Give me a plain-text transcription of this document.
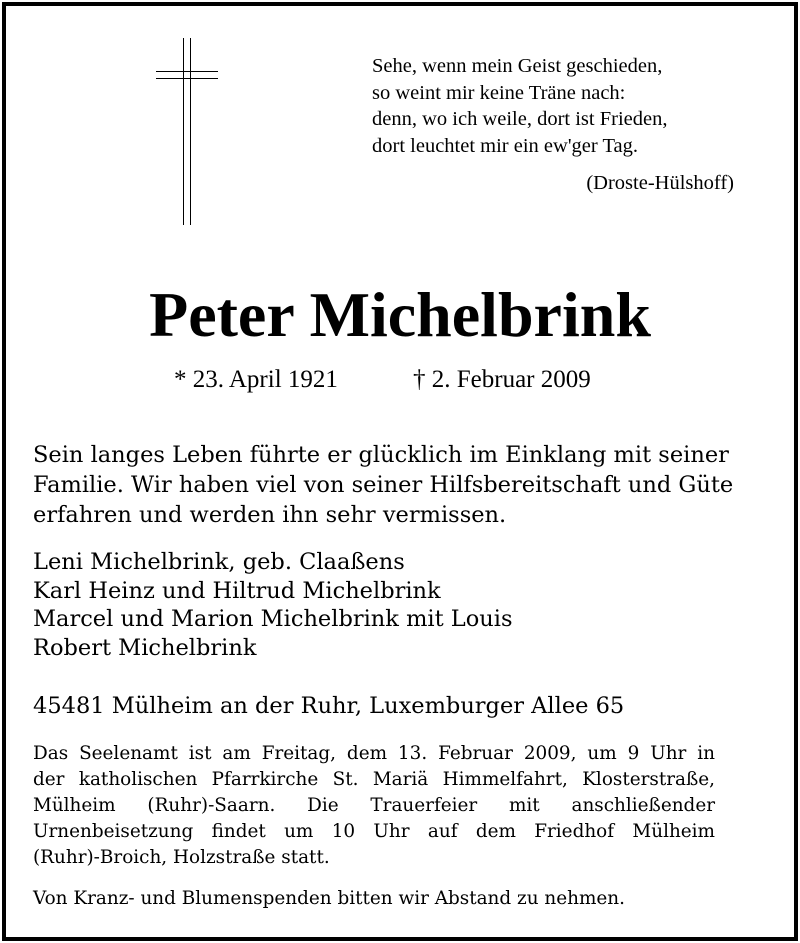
Sehe, wenn mein Geist geschieden,
so weint mir keine Träne nach:
denn, wo ich weile, dort ist Frieden,
dort leuchtet mir ein ew'ger Tag.
(Droste-Hülshoff)
Peter Michelbrink
* 23. April 1921	† 2. Februar 2009
Sein langes Leben führte er glücklich im Einklang mit seiner
Familie. Wir haben viel von seiner Hilfsbereitschaft und Güte
erfahren und werden ihn sehr vermissen.
Leni Michelbrink, geb. Claaßens
Karl Heinz und Hiltrud Michelbrink
Marcel und Marion Michelbrink mit Louis
Robert Michelbrink
45481 Mülheim an der Ruhr, Luxemburger Allee 65
Das Seelenamt ist am Freitag, dem 13. Februar 2009, um 9 Uhr in
der katholischen Pfarrkirche St. Mariä Himmelfahrt, Klosterstraße,
Mülheim (Ruhr)-Saarn. Die Trauerfeier mit anschließender
Urnenbeisetzung findet um 10 Uhr auf dem Friedhof Mülheim
(Ruhr)-Broich, Holzstraße statt.
Von Kranz- und Blumenspenden bitten wir Abstand zu nehmen.
